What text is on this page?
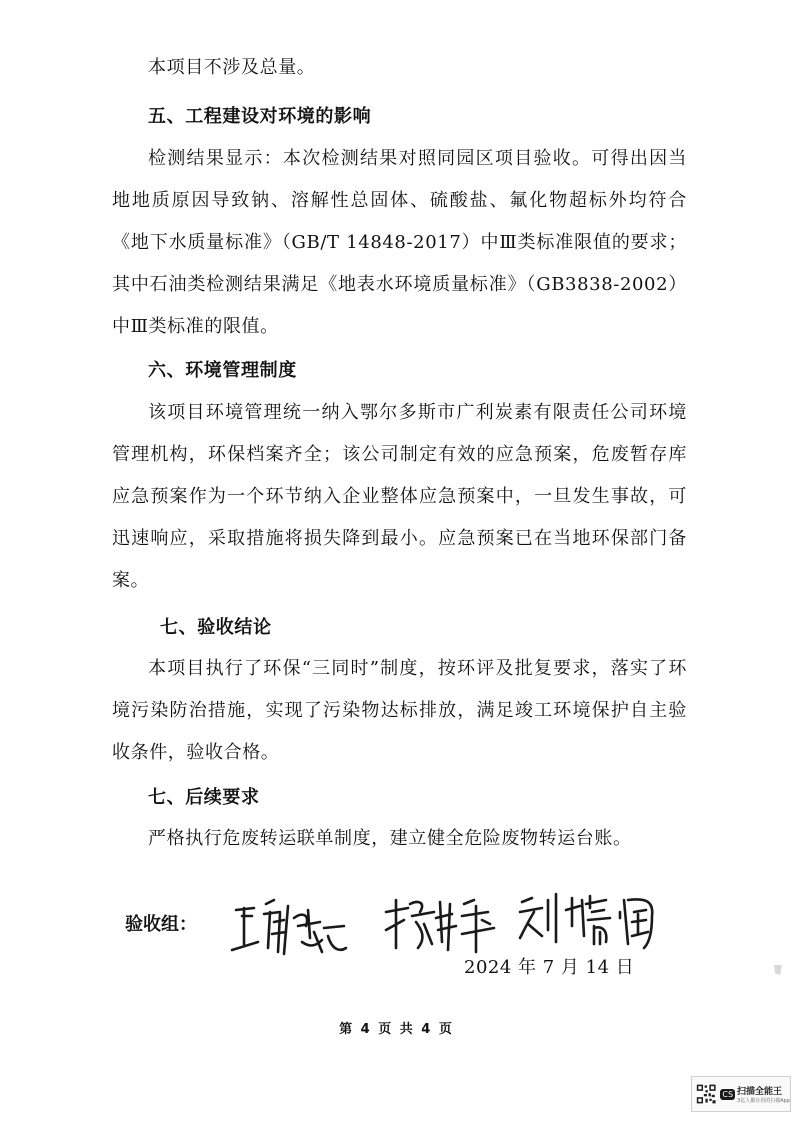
本项目不涉及总量。

五、工程建设对环境的影响

检测结果显示：本次检测结果对照同园区项目验收。可得出因当地地质原因导致钠、溶解性总固体、硫酸盐、氟化物超标外均符合《地下水质量标准》（GB/T 14848-2017）中Ⅲ类标准限值的要求；其中石油类检测结果满足《地表水环境质量标准》（GB3838-2002）中Ⅲ类标准的限值。

六、环境管理制度

该项目环境管理统一纳入鄂尔多斯市广利炭素有限责任公司环境管理机构，环保档案齐全；该公司制定有效的应急预案，危废暂存库应急预案作为一个环节纳入企业整体应急预案中，一旦发生事故，可迅速响应，采取措施将损失降到最小。应急预案已在当地环保部门备案。

七、验收结论

本项目执行了环保“三同时”制度，按环评及批复要求，落实了环境污染防治措施，实现了污染物达标排放，满足竣工环境保护自主验收条件，验收合格。

七、后续要求

严格执行危废转运联单制度，建立健全危险废物转运台账。

验收组：
2024 年 7 月 14 日
第 4 页 共 4 页
CS 扫描全能王
3亿人都在用的扫描App
